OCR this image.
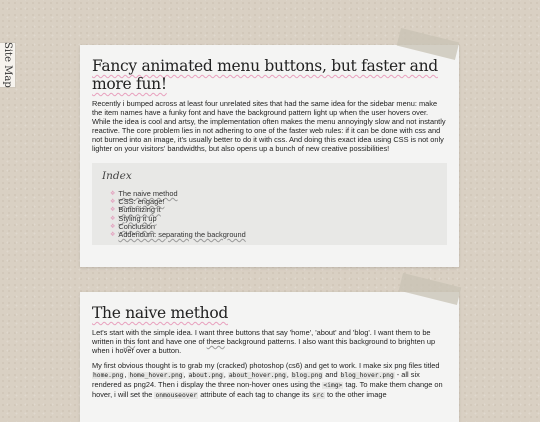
Site Map	Fancy animated menu buttons, but faster and more fun!

Recently i bumped across at least four unrelated sites that had the same idea for the sidebar menu: make the item names have a funky font and have the background pattern light up when the user hovers over. While the idea is cool and artsy, the implementation often makes the menu annoyingly slow and not instantly reactive. The core problem lies in not adhering to one of the faster web rules: if it can be done with css and not burned into an image, it's usually better to do it with css. And doing this exact idea using CSS is not only lighter on your visitors' bandwidths, but also opens up a bunch of new creative possibilities!

Index
❖ The naive method
❖ CSS: engage!
❖ Buttonizing it
❖ Styling it up
❖ Conclusion
❖ Addendum: separating the background
The naive method

Let's start with the simple idea. I want three buttons that say 'home', 'about' and 'blog'. I want them to be written in this font and have one of these background patterns. I also want this background to brighten up when i hover over a button.

My first obvious thought is to grab my (cracked) photoshop (cs6) and get to work. I make six png files titled home.png, home_hover.png, about.png, about_hover.png, blog.png and blog_hover.png - all six rendered as png24. Then i display the three non-hover ones using the <img> tag. To make them change on hover, i will set the onmouseover attribute of each tag to change its src to the other image
